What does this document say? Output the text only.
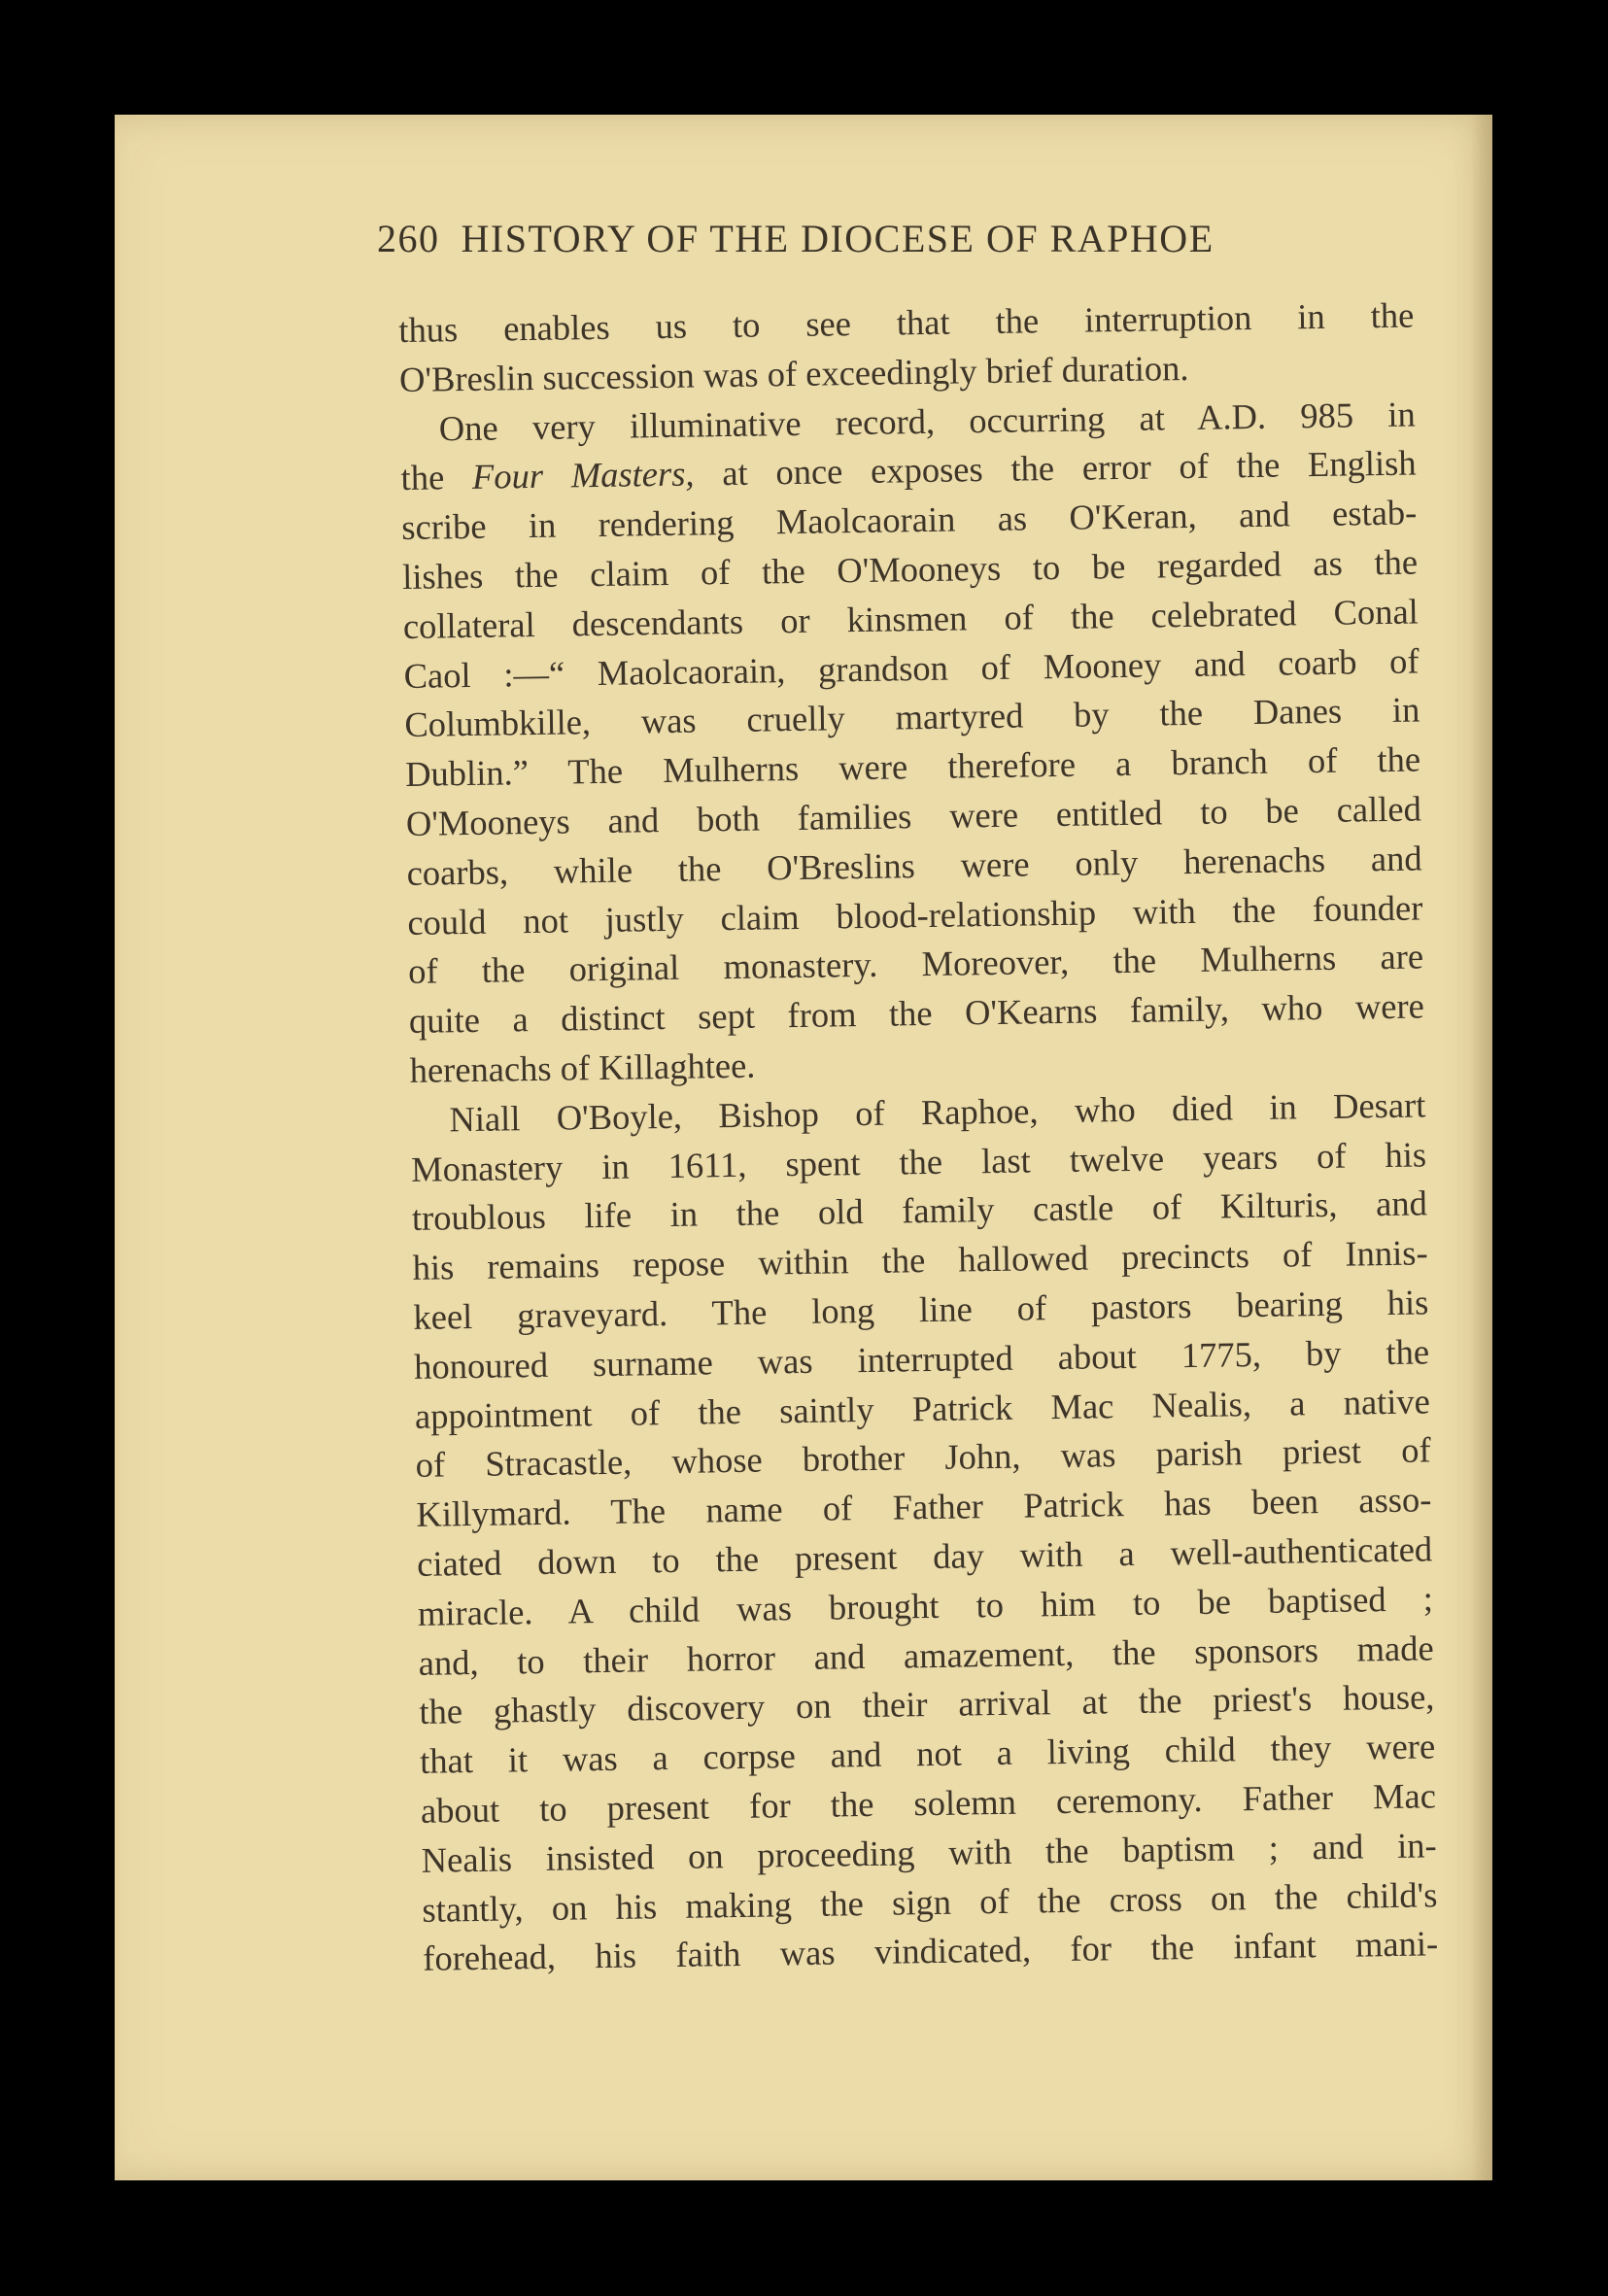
260 HISTORY OF THE DIOCESE OF RAPHOE
thus enables us to see that the interruption in the
O'Breslin succession was of exceedingly brief duration.
One very illuminative record, occurring at A.D. 985 in
the Four Masters, at once exposes the error of the English
scribe in rendering Maolcaorain as O'Keran, and estab-
lishes the claim of the O'Mooneys to be regarded as the
collateral descendants or kinsmen of the celebrated Conal
Caol :—“ Maolcaorain, grandson of Mooney and coarb of
Columbkille, was cruelly martyred by the Danes in
Dublin.” The Mulherns were therefore a branch of the
O'Mooneys and both families were entitled to be called
coarbs, while the O'Breslins were only herenachs and
could not justly claim blood-relationship with the founder
of the original monastery. Moreover, the Mulherns are
quite a distinct sept from the O'Kearns family, who were
herenachs of Killaghtee.
Niall O'Boyle, Bishop of Raphoe, who died in Desart
Monastery in 1611, spent the last twelve years of his
troublous life in the old family castle of Kilturis, and
his remains repose within the hallowed precincts of Innis-
keel graveyard. The long line of pastors bearing his
honoured surname was interrupted about 1775, by the
appointment of the saintly Patrick Mac Nealis, a native
of Stracastle, whose brother John, was parish priest of
Killymard. The name of Father Patrick has been asso-
ciated down to the present day with a well-authenticated
miracle. A child was brought to him to be baptised ;
and, to their horror and amazement, the sponsors made
the ghastly discovery on their arrival at the priest's house,
that it was a corpse and not a living child they were
about to present for the solemn ceremony. Father Mac
Nealis insisted on proceeding with the baptism ; and in-
stantly, on his making the sign of the cross on the child's
forehead, his faith was vindicated, for the infant mani-
